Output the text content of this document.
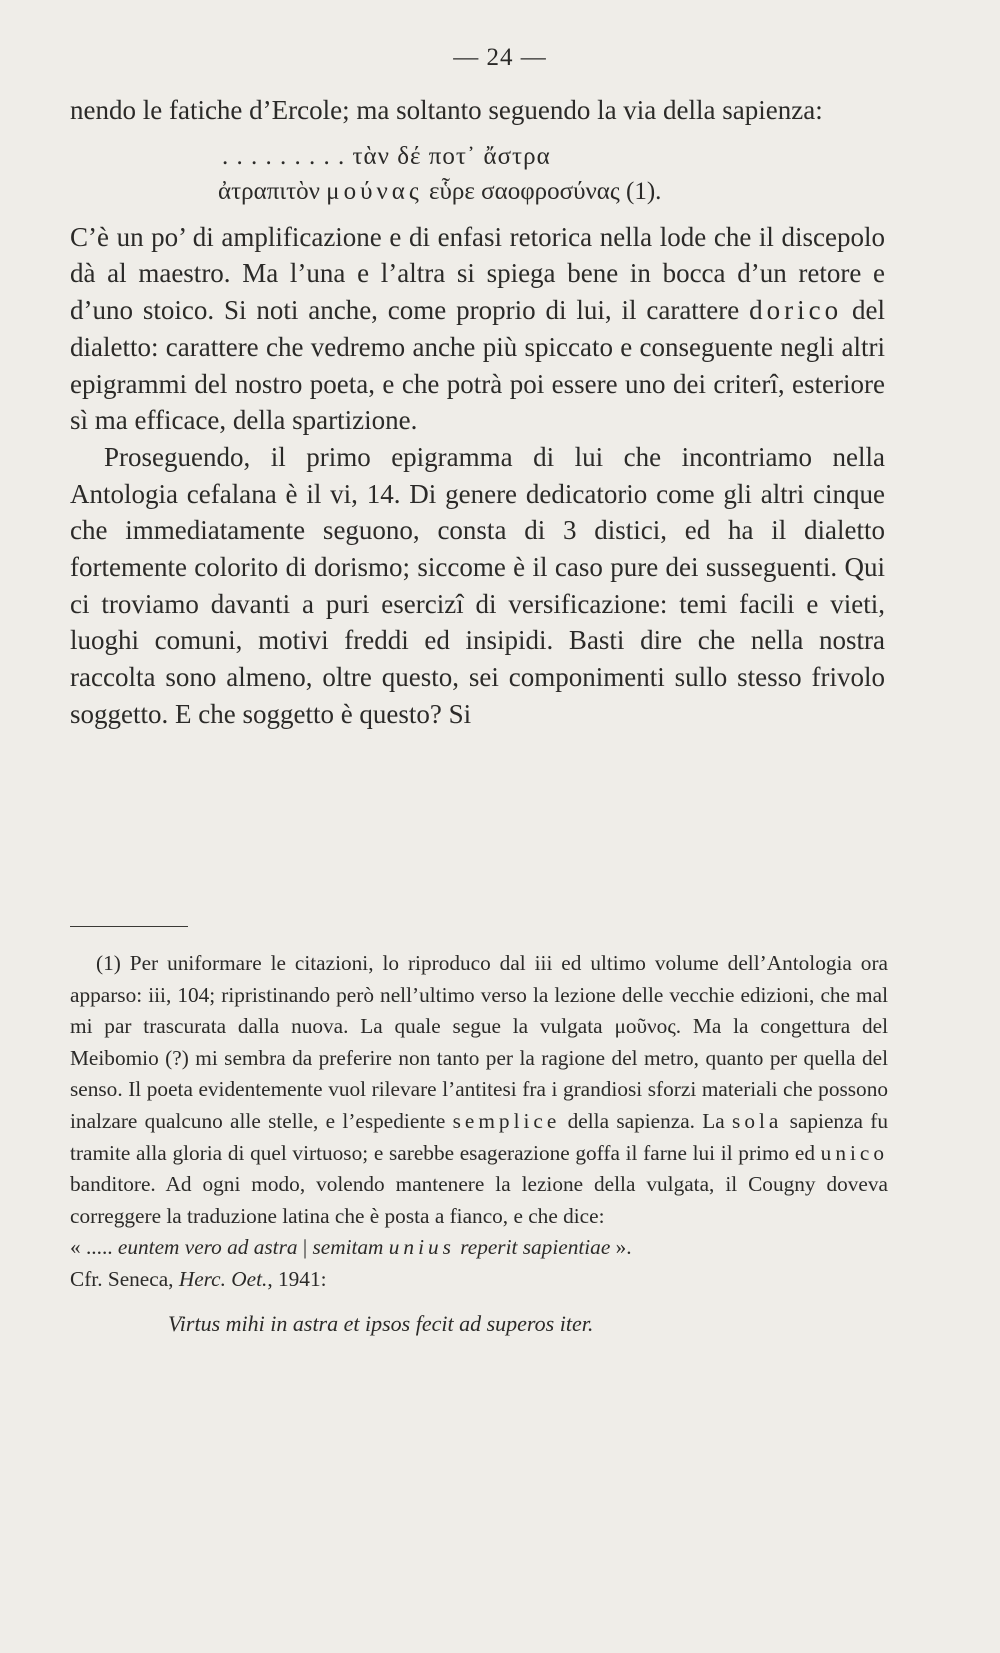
— 24 —

nendo le fatiche d’Ercole; ma soltanto seguendo la via della sapienza:

. . . . . . . . . τὰν δέ ποτ᾽ ἄστρα
ἀτραπιτὸν μούνας εὗρε σαοφροσύνας (1).

C’è un po’ di amplificazione e di enfasi retorica nella lode che il discepolo dà al maestro. Ma l’una e l’altra si spiega bene in bocca d’un retore e d’uno stoico. Si noti anche, come proprio di lui, il carattere dorico del dialetto: carattere che vedremo anche più spiccato e conseguente negli altri epigrammi del nostro poeta, e che potrà poi essere uno dei criterî, esteriore sì ma efficace, della spartizione.

Proseguendo, il primo epigramma di lui che incontriamo nella Antologia cefalana è il vi, 14. Di genere dedicatorio come gli altri cinque che immediatamente seguono, consta di 3 distici, ed ha il dialetto fortemente colorito di dorismo; siccome è il caso pure dei susseguenti. Qui ci troviamo davanti a puri esercizî di versificazione: temi facili e vieti, luoghi comuni, motivi freddi ed insipidi. Basti dire che nella nostra raccolta sono almeno, oltre questo, sei componimenti sullo stesso frivolo soggetto. E che soggetto è questo? Si

(1) Per uniformare le citazioni, lo riproduco dal iii ed ultimo volume dell’Antologia ora apparso: iii, 104; ripristinando però nell’ultimo verso la lezione delle vecchie edizioni, che mal mi par trascurata dalla nuova. La quale segue la vulgata μοῦνος. Ma la congettura del Meibomio (?) mi sembra da preferire non tanto per la ragione del metro, quanto per quella del senso. Il poeta evidentemente vuol rilevare l’antitesi fra i grandiosi sforzi materiali che possono inalzare qualcuno alle stelle, e l’espediente semplice della sapienza. La sola sapienza fu tramite alla gloria di quel virtuoso; e sarebbe esagerazione goffa il farne lui il primo ed unico banditore. Ad ogni modo, volendo mantenere la lezione della vulgata, il Cougny doveva correggere la traduzione latina che è posta a fianco, e che dice:

« ..... euntem vero ad astra | semitam unius reperit sapientiae ».
Cfr. Seneca, Herc. Oet., 1941:

Virtus mihi in astra et ipsos fecit ad superos iter.
